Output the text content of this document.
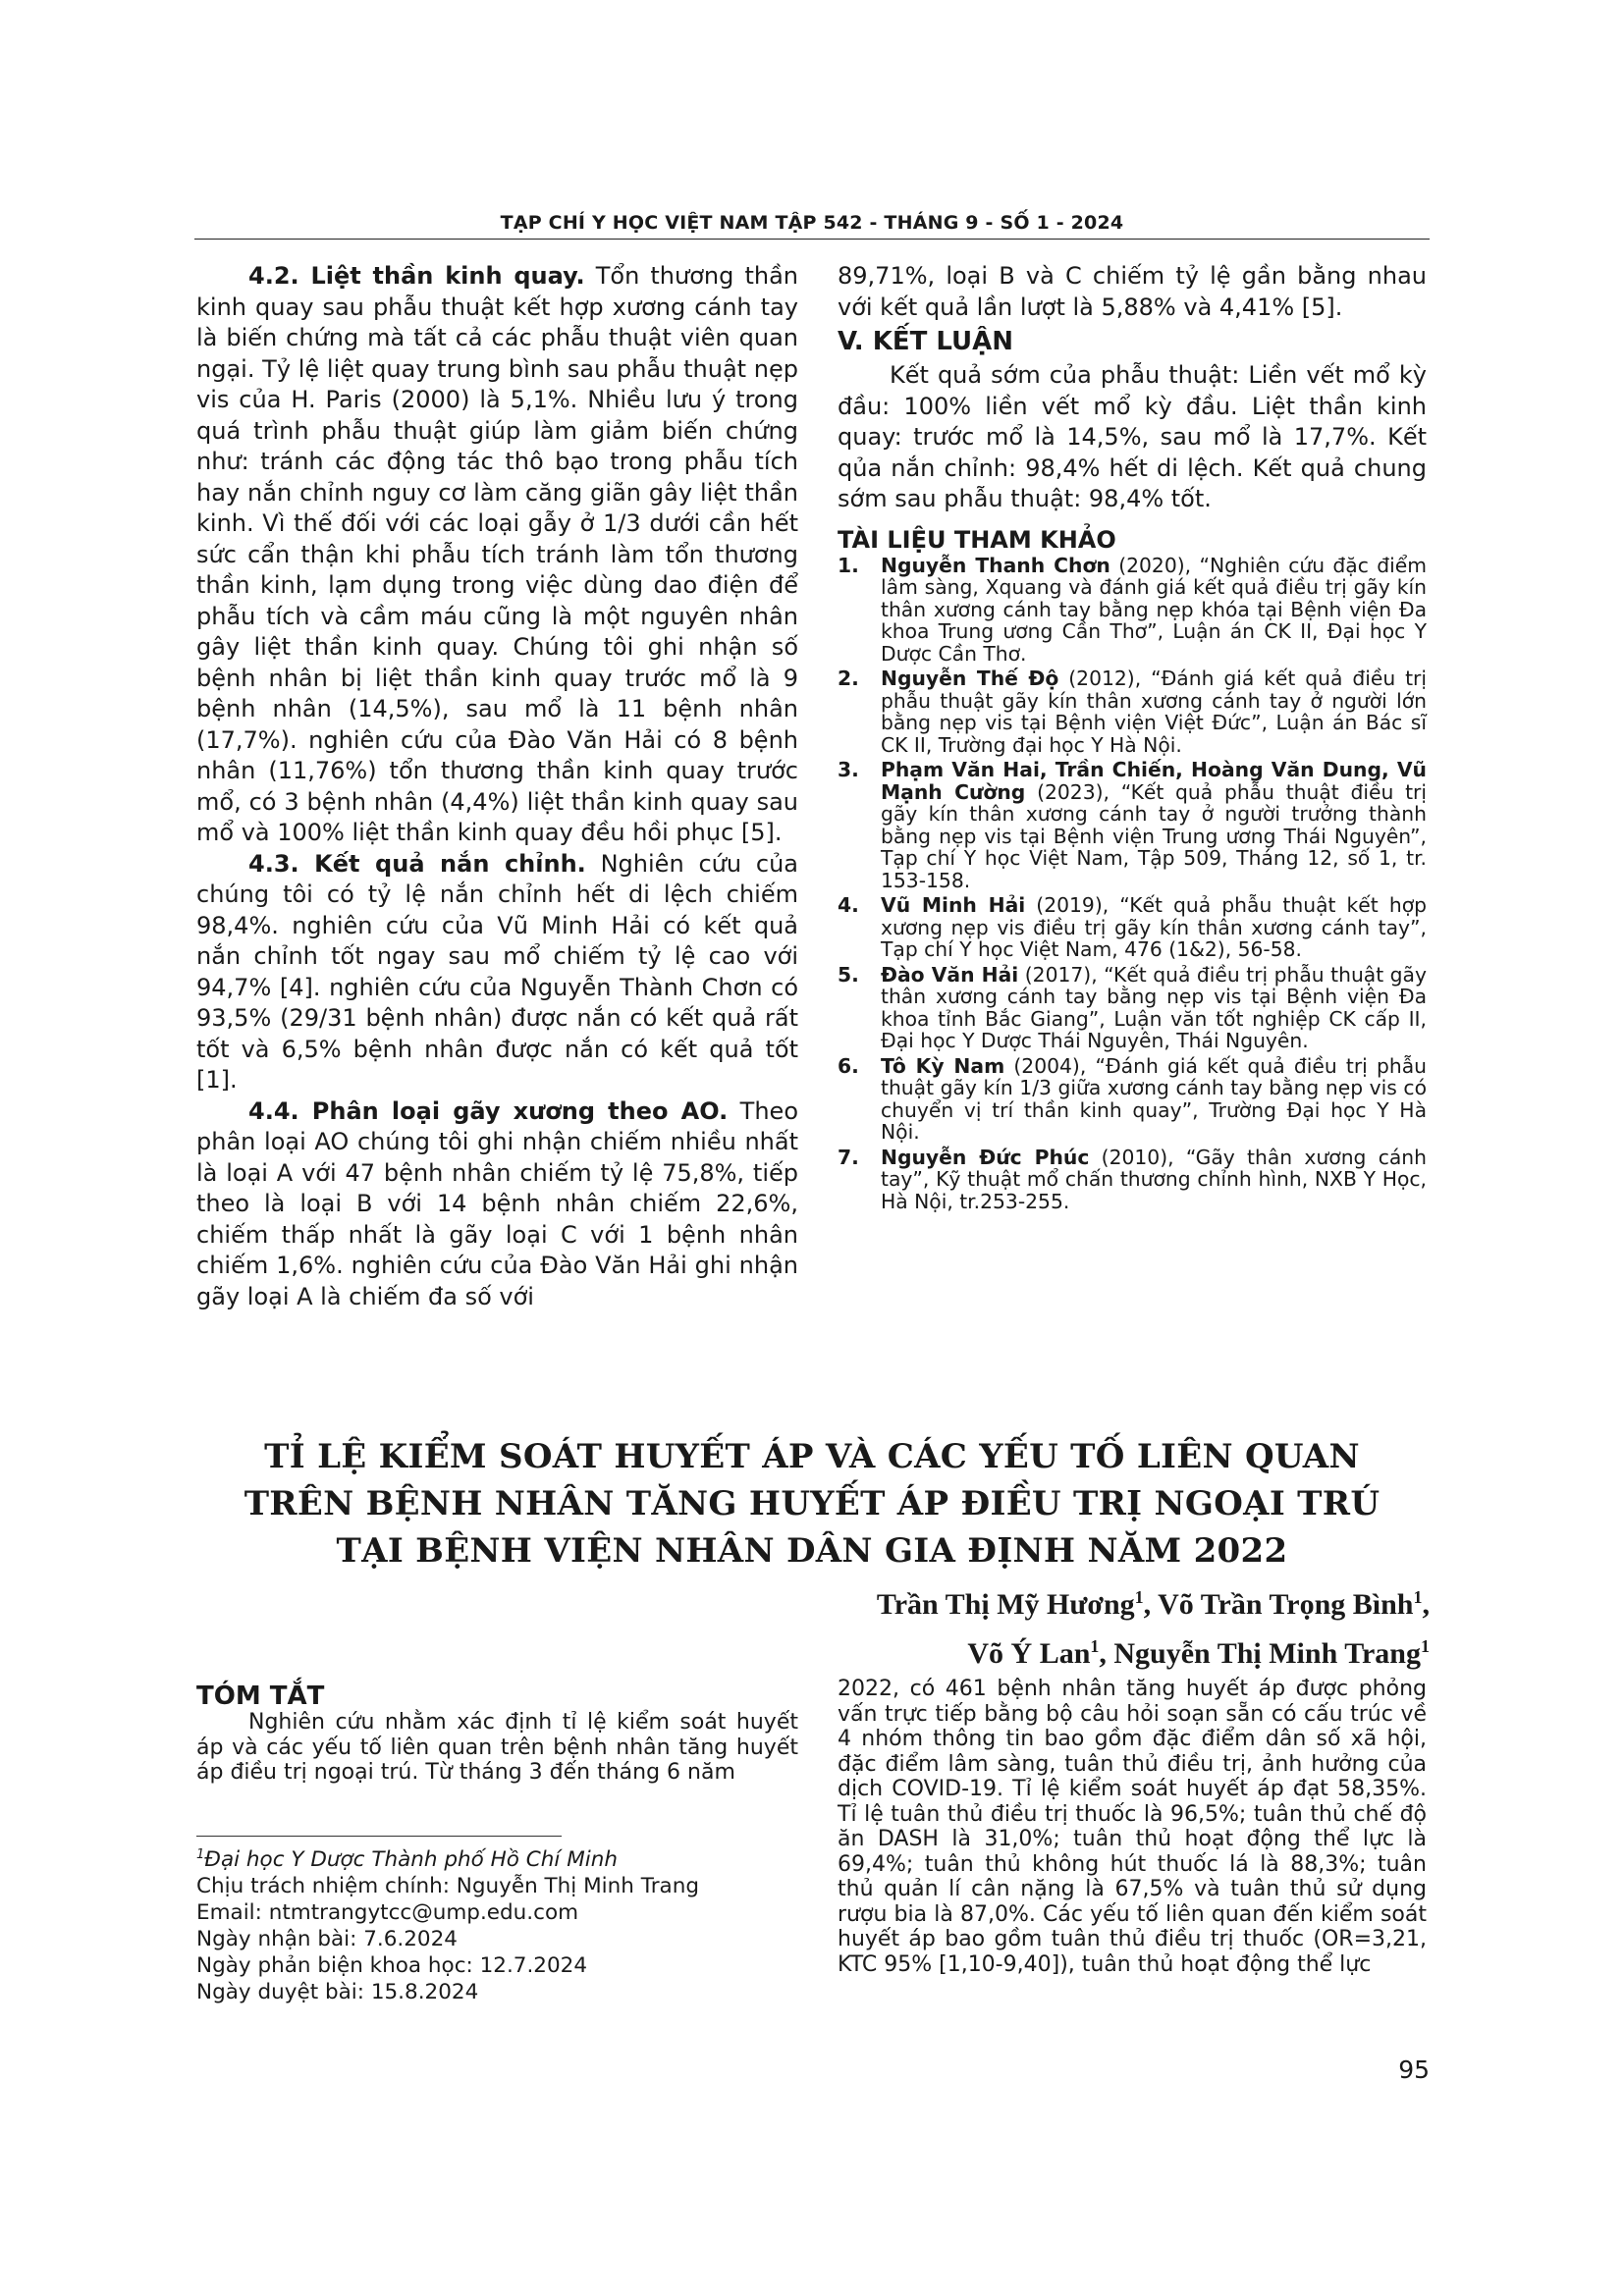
TẠP CHÍ Y HỌC VIỆT NAM TẬP 542 - THÁNG 9 - SỐ 1 - 2024

4.2. Liệt thần kinh quay. Tổn thương thần kinh quay sau phẫu thuật kết hợp xương cánh tay là biến chứng mà tất cả các phẫu thuật viên quan ngại. Tỷ lệ liệt quay trung bình sau phẫu thuật nẹp vis của H. Paris (2000) là 5,1%. Nhiều lưu ý trong quá trình phẫu thuật giúp làm giảm biến chứng như: tránh các động tác thô bạo trong phẫu tích hay nắn chỉnh nguy cơ làm căng giãn gây liệt thần kinh. Vì thế đối với các loại gẫy ở 1/3 dưới cần hết sức cẩn thận khi phẫu tích tránh làm tổn thương thần kinh, lạm dụng trong việc dùng dao điện để phẫu tích và cầm máu cũng là một nguyên nhân gây liệt thần kinh quay. Chúng tôi ghi nhận số bệnh nhân bị liệt thần kinh quay trước mổ là 9 bệnh nhân (14,5%), sau mổ là 11 bệnh nhân (17,7%). nghiên cứu của Đào Văn Hải có 8 bệnh nhân (11,76%) tổn thương thần kinh quay trước mổ, có 3 bệnh nhân (4,4%) liệt thần kinh quay sau mổ và 100% liệt thần kinh quay đều hồi phục [5].

4.3. Kết quả nắn chỉnh. Nghiên cứu của chúng tôi có tỷ lệ nắn chỉnh hết di lệch chiếm 98,4%. nghiên cứu của Vũ Minh Hải có kết quả nắn chỉnh tốt ngay sau mổ chiếm tỷ lệ cao với 94,7% [4]. nghiên cứu của Nguyễn Thành Chơn có 93,5% (29/31 bệnh nhân) được nắn có kết quả rất tốt và 6,5% bệnh nhân được nắn có kết quả tốt [1].

4.4. Phân loại gãy xương theo AO. Theo phân loại AO chúng tôi ghi nhận chiếm nhiều nhất là loại A với 47 bệnh nhân chiếm tỷ lệ 75,8%, tiếp theo là loại B với 14 bệnh nhân chiếm 22,6%, chiếm thấp nhất là gãy loại C với 1 bệnh nhân chiếm 1,6%. nghiên cứu của Đào Văn Hải ghi nhận gãy loại A là chiếm đa số với

89,71%, loại B và C chiếm tỷ lệ gần bằng nhau với kết quả lần lượt là 5,88% và 4,41% [5].

V. KẾT LUẬN

Kết quả sớm của phẫu thuật: Liền vết mổ kỳ đầu: 100% liền vết mổ kỳ đầu. Liệt thần kinh quay: trước mổ là 14,5%, sau mổ là 17,7%. Kết qủa nắn chỉnh: 98,4% hết di lệch. Kết quả chung sớm sau phẫu thuật: 98,4% tốt.

TÀI LIỆU THAM KHẢO

1. Nguyễn Thanh Chơn (2020), “Nghiên cứu đặc điểm lâm sàng, Xquang và đánh giá kết quả điều trị gãy kín thân xương cánh tay bằng nẹp khóa tại Bệnh viện Đa khoa Trung ương Cần Thơ”, Luận án CK II, Đại học Y Dược Cần Thơ.
2. Nguyễn Thế Độ (2012), “Đánh giá kết quả điều trị phẫu thuật gãy kín thân xương cánh tay ở người lớn bằng nẹp vis tại Bệnh viện Việt Đức”, Luận án Bác sĩ CK II, Trường đại học Y Hà Nội.
3. Phạm Văn Hai, Trần Chiến, Hoàng Văn Dung, Vũ Mạnh Cường (2023), “Kết quả phẫu thuật điều trị gãy kín thân xương cánh tay ở người trưởng thành bằng nẹp vis tại Bệnh viện Trung ương Thái Nguyên”, Tạp chí Y học Việt Nam, Tập 509, Tháng 12, số 1, tr. 153-158.
4. Vũ Minh Hải (2019), “Kết quả phẫu thuật kết hợp xương nẹp vis điều trị gãy kín thân xương cánh tay”, Tạp chí Y học Việt Nam, 476 (1&2), 56-58.
5. Đào Văn Hải (2017), “Kết quả điều trị phẫu thuật gãy thân xương cánh tay bằng nẹp vis tại Bệnh viện Đa khoa tỉnh Bắc Giang”, Luận văn tốt nghiệp CK cấp II, Đại học Y Dược Thái Nguyên, Thái Nguyên.
6. Tô Kỳ Nam (2004), “Đánh giá kết quả điều trị phẫu thuật gãy kín 1/3 giữa xương cánh tay bằng nẹp vis có chuyển vị trí thần kinh quay”, Trường Đại học Y Hà Nội.
7. Nguyễn Đức Phúc (2010), “Gãy thân xương cánh tay”, Kỹ thuật mổ chấn thương chỉnh hình, NXB Y Học, Hà Nội, tr.253-255.
TỈ LỆ KIỂM SOÁT HUYẾT ÁP VÀ CÁC YẾU TỐ LIÊN QUAN
TRÊN BỆNH NHÂN TĂNG HUYẾT ÁP ĐIỀU TRỊ NGOẠI TRÚ
TẠI BỆNH VIỆN NHÂN DÂN GIA ĐỊNH NĂM 2022
Trần Thị Mỹ Hương$^1$, Võ Trần Trọng Bình$^1$,
Võ Ý Lan$^1$, Nguyễn Thị Minh Trang$^1$
TÓM TẮT

Nghiên cứu nhằm xác định tỉ lệ kiểm soát huyết áp và các yếu tố liên quan trên bệnh nhân tăng huyết áp điều trị ngoại trú. Từ tháng 3 đến tháng 6 năm

2022, có 461 bệnh nhân tăng huyết áp được phỏng vấn trực tiếp bằng bộ câu hỏi soạn sẵn có cấu trúc về 4 nhóm thông tin bao gồm đặc điểm dân số xã hội, đặc điểm lâm sàng, tuân thủ điều trị, ảnh hưởng của dịch COVID-19. Tỉ lệ kiểm soát huyết áp đạt 58,35%. Tỉ lệ tuân thủ điều trị thuốc là 96,5%; tuân thủ chế độ ăn DASH là 31,0%; tuân thủ hoạt động thể lực là 69,4%; tuân thủ không hút thuốc lá là 88,3%; tuân thủ quản lí cân nặng là 67,5% và tuân thủ sử dụng rượu bia là 87,0%. Các yếu tố liên quan đến kiểm soát huyết áp bao gồm tuân thủ điều trị thuốc (OR=3,21, KTC 95% [1,10-9,40]), tuân thủ hoạt động thể lực

$^1$Đại học Y Dược Thành phố Hồ Chí Minh
Chịu trách nhiệm chính: Nguyễn Thị Minh Trang
Email: ntmtrangytcc@ump.edu.com
Ngày nhận bài: 7.6.2024
Ngày phản biện khoa học: 12.7.2024
Ngày duyệt bài: 15.8.2024
95
